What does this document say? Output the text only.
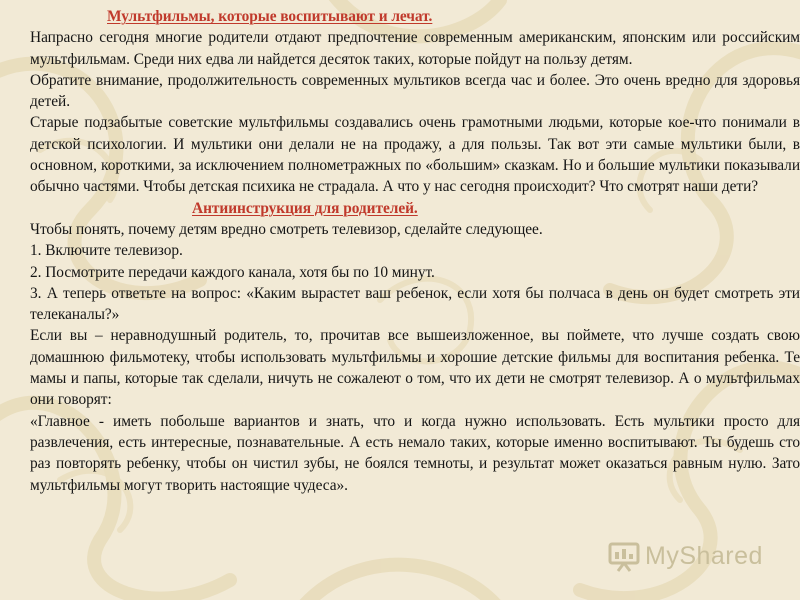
Мультфильмы, которые воспитывают и лечат.

Напрасно сегодня многие родители отдают предпочтение современным американским, японским или российским мультфильмам. Среди них едва ли найдется десяток таких, которые пойдут на пользу детям.

Обратите внимание, продолжительность современных мультиков всегда час и более. Это очень вредно для здоровья детей.

Старые подзабытые советские мультфильмы создавались очень грамотными людьми, которые кое-что понимали в детской психологии. И мультики они делали не на продажу, а для пользы. Так вот эти самые мультики были, в основном, короткими, за исключением полнометражных по «большим» сказкам. Но и большие мультики показывали обычно частями. Чтобы детская психика не страдала. А что у нас сегодня происходит? Что смотрят наши дети?

Антиинструкция для родителей.

Чтобы понять, почему детям вредно смотреть телевизор, сделайте следующее.

1. Включите телевизор.

2. Посмотрите передачи каждого канала, хотя бы по 10 минут.

3. А теперь ответьте на вопрос: «Каким вырастет ваш ребенок, если хотя бы полчаса в день он будет смотреть эти телеканалы?»

Если вы – неравнодушный родитель, то, прочитав все вышеизложенное, вы поймете, что лучше создать свою домашнюю фильмотеку, чтобы использовать мультфильмы и хорошие детские фильмы для воспитания ребенка. Те мамы и папы, которые так сделали, ничуть не сожалеют о том, что их дети не смотрят телевизор. А о мультфильмах они говорят:

«Главное - иметь побольше вариантов и знать, что и когда нужно использовать. Есть мультики просто для развлечения, есть интересные, познавательные. А есть немало таких, которые именно воспитывают. Ты будешь сто раз повторять ребенку, чтобы он чистил зубы, не боялся темноты, и результат может оказаться равным нулю. Зато мультфильмы могут творить настоящие чудеса».

MyShared
